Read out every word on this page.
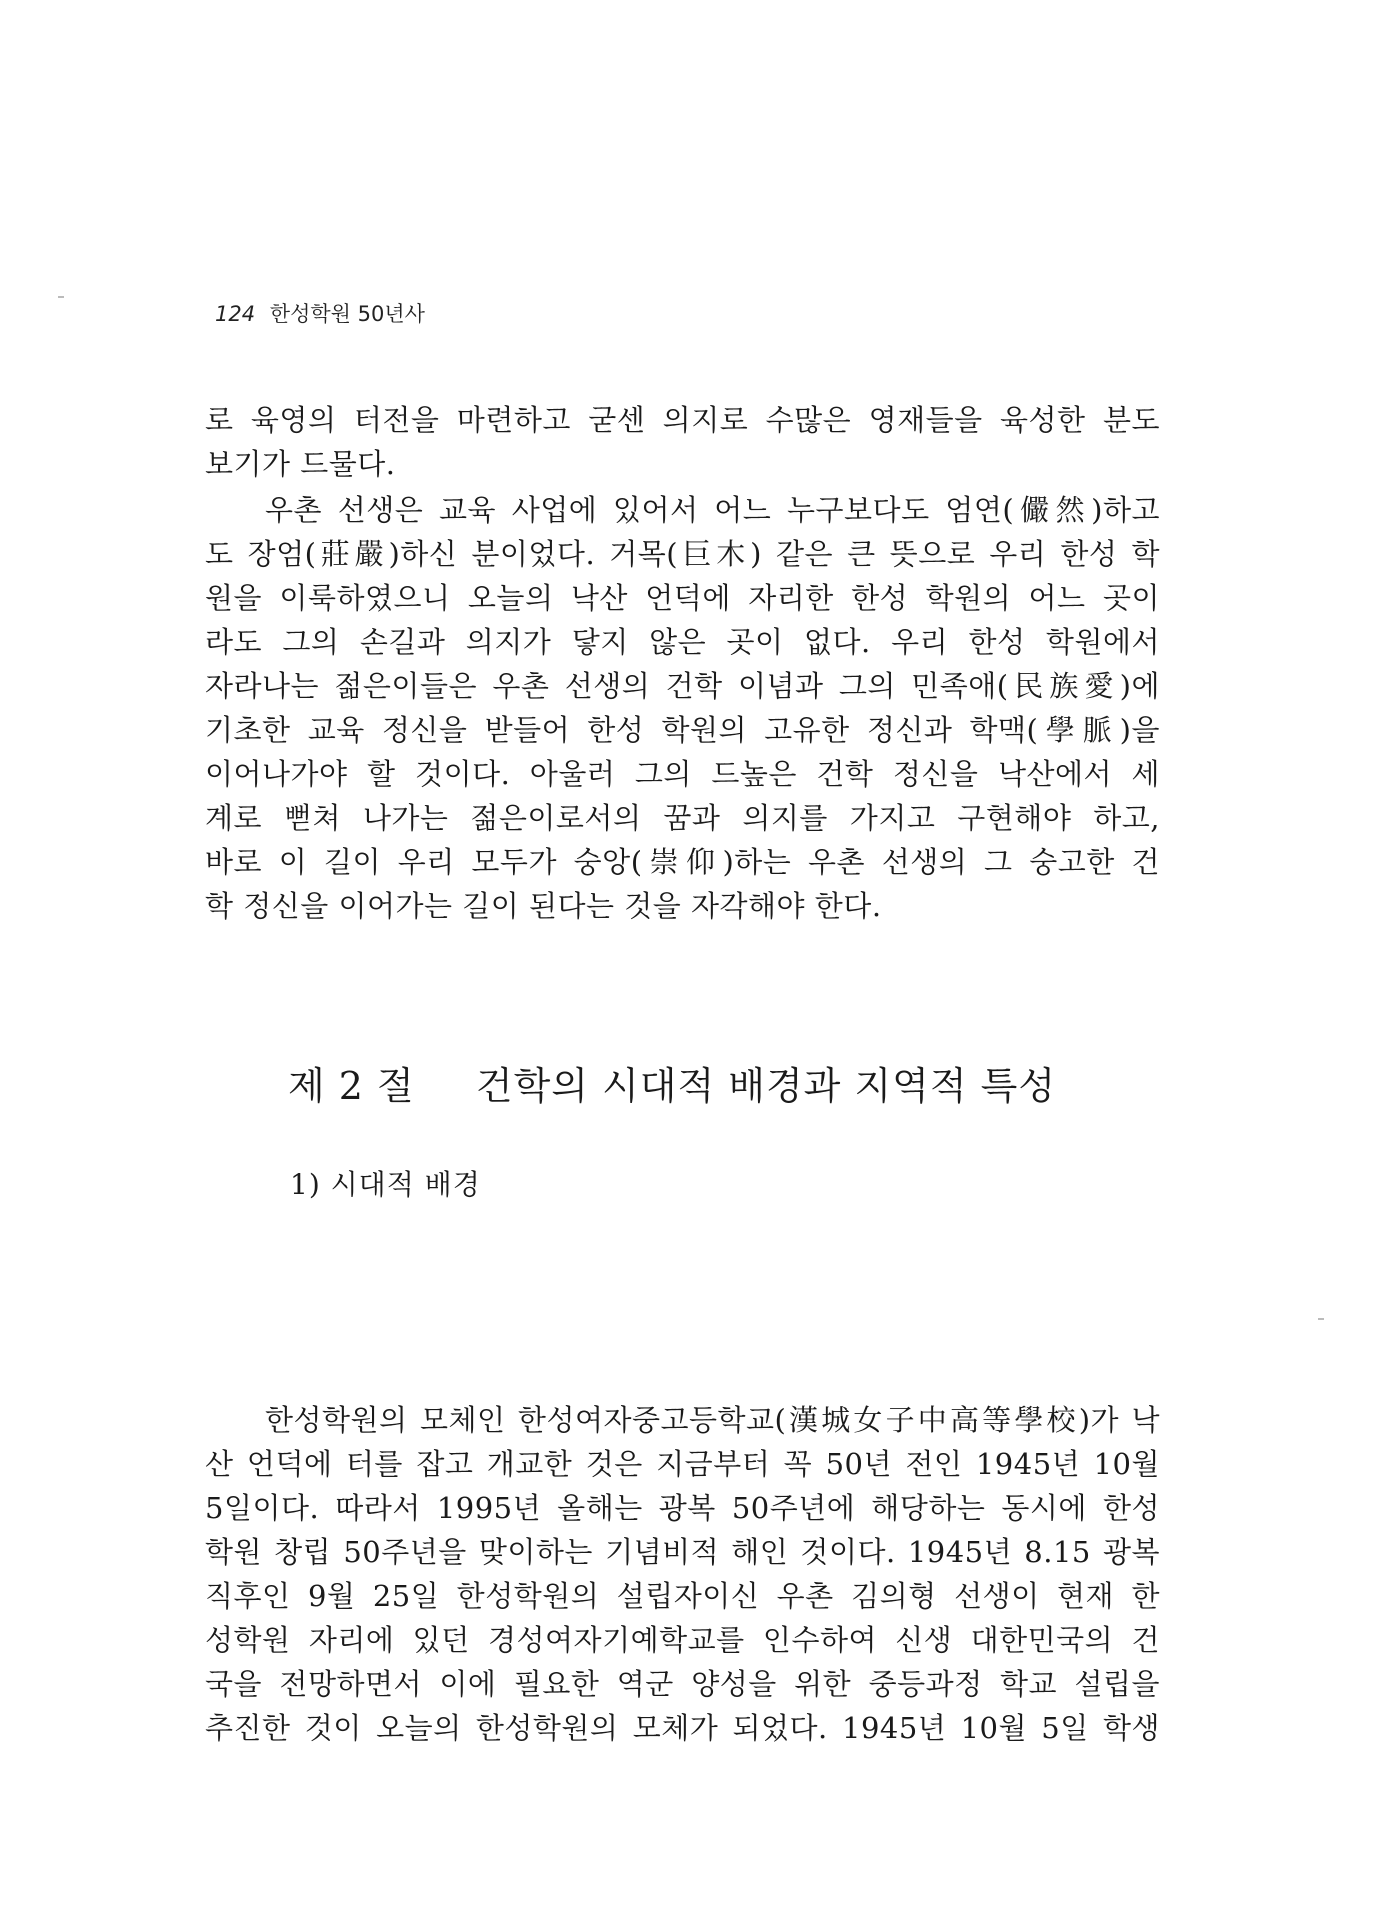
124 한성학원 50년사
로 육영의 터전을 마련하고 굳센 의지로 수많은 영재들을 육성한 분도
보기가 드물다.
우촌 선생은 교육 사업에 있어서 어느 누구보다도 엄연(儼然)하고
도 장엄(莊嚴)하신 분이었다. 거목(巨木) 같은 큰 뜻으로 우리 한성 학
원을 이룩하였으니 오늘의 낙산 언덕에 자리한 한성 학원의 어느 곳이
라도 그의 손길과 의지가 닿지 않은 곳이 없다. 우리 한성 학원에서
자라나는 젊은이들은 우촌 선생의 건학 이념과 그의 민족애(民族愛)에
기초한 교육 정신을 받들어 한성 학원의 고유한 정신과 학맥(學脈)을
이어나가야 할 것이다. 아울러 그의 드높은 건학 정신을 낙산에서 세
계로 뻗쳐 나가는 젊은이로서의 꿈과 의지를 가지고 구현해야 하고,
바로 이 길이 우리 모두가 숭앙(崇仰)하는 우촌 선생의 그 숭고한 건
학 정신을 이어가는 길이 된다는 것을 자각해야 한다.
제 2 절 건학의 시대적 배경과 지역적 특성
1) 시대적 배경
한성학원의 모체인 한성여자중고등학교(漢城女子中高等學校)가 낙
산 언덕에 터를 잡고 개교한 것은 지금부터 꼭 50년 전인 1945년 10월
5일이다. 따라서 1995년 올해는 광복 50주년에 해당하는 동시에 한성
학원 창립 50주년을 맞이하는 기념비적 해인 것이다. 1945년 8.15 광복
직후인 9월 25일 한성학원의 설립자이신 우촌 김의형 선생이 현재 한
성학원 자리에 있던 경성여자기예학교를 인수하여 신생 대한민국의 건
국을 전망하면서 이에 필요한 역군 양성을 위한 중등과정 학교 설립을
추진한 것이 오늘의 한성학원의 모체가 되었다. 1945년 10월 5일 학생
